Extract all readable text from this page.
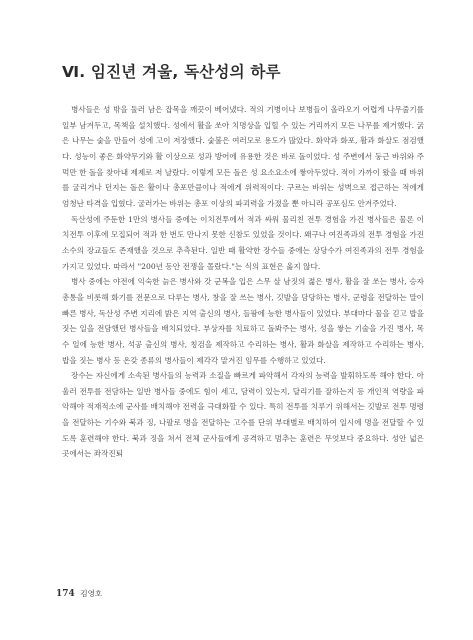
Ⅵ. 임진년 겨울, 독산성의 하루

병사들은 성 밖을 둘러 남은 잡목을 깨끗이 베어냈다. 적의 기병이나 보병들이 올라오기 어렵게 나무줄기를 일부 남겨두고, 목책을 설치했다. 성에서 활을 쏘아 치명상을 입힐 수 있는 거리까지 모든 나무를 제거했다. 굵은 나무는 숯을 만들어 성에 고이 저장했다. 숯불은 여러모로 용도가 많았다. 화약과 화포, 활과 화살도 점검했다. 성능이 좋은 화약무기와 활 이상으로 성과 방어에 유용한 것은 바로 돌이었다. 성 주변에서 둥근 바위와 주먹만 한 돌을 찾아내 제제로 저 날랐다. 이렇게 모든 돌은 성 요소요소에 쌓아두었다. 적이 가까이 왔을 때 바위를 굴리거나 던지는 돌은 활이나 총포만큼이나 적에게 위력적이다. 구르는 바위는 성벽으로 접근하는 적에게 엄청난 타격을 입혔다. 굴러가는 바위는 총포 이상의 파괴력을 가졌을 뿐 아니라 공포심도 안겨주었다.

독산성에 주둔한 1만의 병사들 중에는 이치전투에서 적과 싸워 물리친 전투 경험을 가진 병사들은 물론 이치전투 이후에 모집되어 적과 한 번도 만나지 못한 신참도 있었을 것이다. 왜구나 여진족과의 전투 경험을 가진 소수의 장교들도 존재했을 것으로 추측된다. 일반 때 활약한 장수들 중에는 상당수가 여진족과의 전투 경험을 가지고 있었다. 따라서 "200년 동안 전쟁을 몰랐다."는 식의 표현은 옳지 않다.

병사 중에는 야전에 익숙한 늙은 병사와 갓 군복을 입은 스무 살 남짓의 젊은 병사, 활을 잘 쏘는 병사, 승자총통을 비롯해 화기를 전문으로 다루는 병사, 창을 잘 쓰는 병사, 깃발을 담당하는 병사, 군령을 전달하는 말이 빠른 병사, 독산성 주변 지리에 밝은 지역 출신의 병사, 들팜에 능한 병사들이 있었다. 부대마다 물을 긷고 밥을 짓는 일을 전담했던 병사들을 배치되었다. 부상자를 치료하고 돌봐주는 병사, 성을 쌓는 기술을 가진 병사, 목수 일에 능한 병사, 석공 출신의 병사, 칭검을 제작하고 수리하는 병사, 활과 화살을 제작하고 수리하는 병사, 밥을 짓는 병사 등 온갖 종류의 병사들이 제각각 맡겨진 임무를 수행하고 있었다.

장수는 자신에게 소속된 병사들의 능력과 소질을 빠르게 파악해서 각자의 능력을 발휘하도록 해야 한다. 아울러 전투를 전담하는 일반 병사들 중에도 힘이 세고, 담력이 있는지, 달리기를 잘하는지 등 개인적 역량을 파악해야 적재적소에 군사를 배치해야 전력을 극대화할 수 있다. 특히 전투를 치루기 위해서는 깃발로 전투 명령을 전달하는 기수와 북과 징, 나팔로 명을 전달하는 고수를 단위 부대별로 배치하여 일시에 명을 전달할 수 있도록 훈련해야 한다. 북과 징을 쳐서 전체 군사들에게 공격하고 멈추는 훈련은 무엇보다 중요하다. 성안 넓은 곳에서는 좌작진퇴

174 김영호
